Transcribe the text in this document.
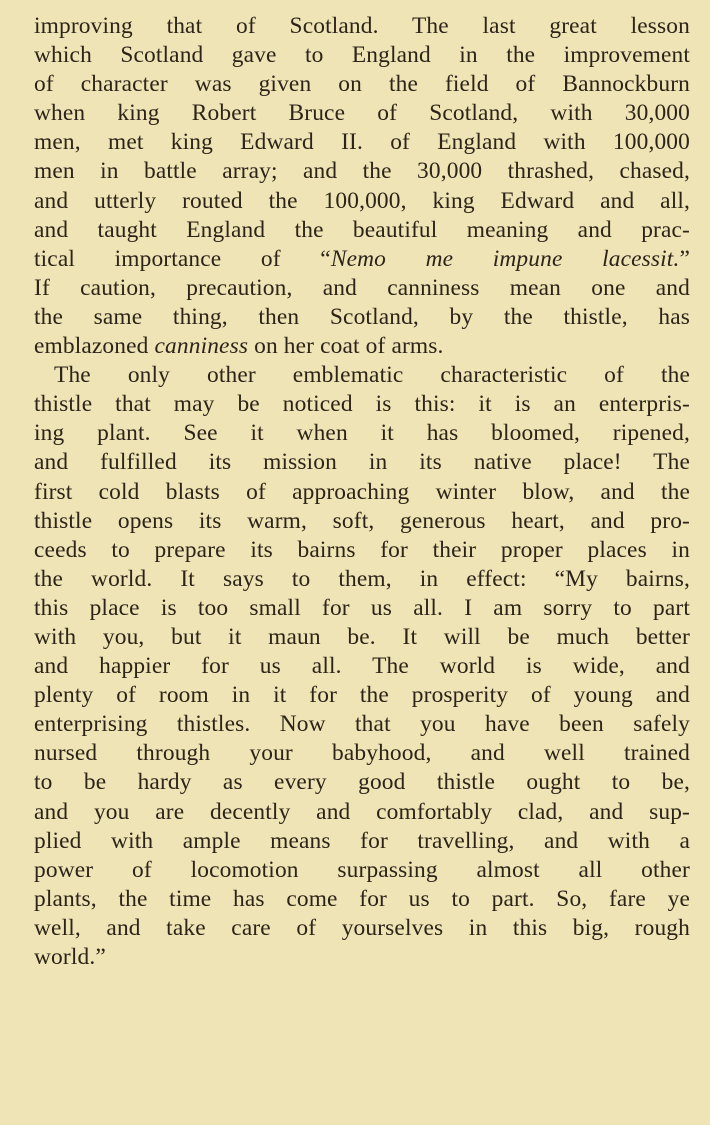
improving that of Scotland. The last great lesson
which Scotland gave to England in the improvement
of character was given on the field of Bannockburn
when king Robert Bruce of Scotland, with 30,000
men, met king Edward II. of England with 100,000
men in battle array; and the 30,000 thrashed, chased,
and utterly routed the 100,000, king Edward and all,
and taught England the beautiful meaning and prac-
tical importance of “Nemo me impune lacessit.”
If caution, precaution, and canniness mean one and
the same thing, then Scotland, by the thistle, has
emblazoned canniness on her coat of arms.
The only other emblematic characteristic of the
thistle that may be noticed is this: it is an enterpris-
ing plant. See it when it has bloomed, ripened,
and fulfilled its mission in its native place! The
first cold blasts of approaching winter blow, and the
thistle opens its warm, soft, generous heart, and pro-
ceeds to prepare its bairns for their proper places in
the world. It says to them, in effect: “My bairns,
this place is too small for us all. I am sorry to part
with you, but it maun be. It will be much better
and happier for us all. The world is wide, and
plenty of room in it for the prosperity of young and
enterprising thistles. Now that you have been safely
nursed through your babyhood, and well trained
to be hardy as every good thistle ought to be,
and you are decently and comfortably clad, and sup-
plied with ample means for travelling, and with a
power of locomotion surpassing almost all other
plants, the time has come for us to part. So, fare ye
well, and take care of yourselves in this big, rough
world.”
